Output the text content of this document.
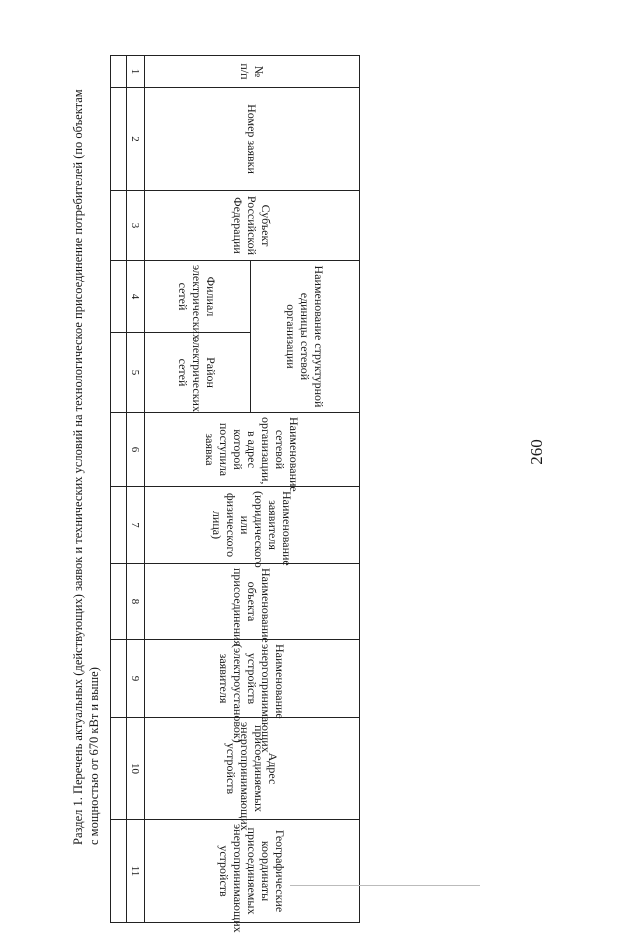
260
Раздел 1. Перечень актуальных (действующих) заявок и технических условий на технологическое присоединение потребителей (по объектам с мощностью от 670 кВт и выше)
№ п/п	Номер заявки	Субъект Российской Федерации	Наименование структурной единицы сетевой организации		Наименование сетевой организации, в адрес которой поступила заявка	Наименование заявителя (юридического или физического лица)	Наименование объекта присоединения	Наименование энергопринимающих устройств (электроустановок) заявителя	Адрес присоединяемых энергопринимающих устройств	Географические координаты присоединяемых энергопринимающих устройств
			Филиал электрических сетей	Район электрических сетей						
1	2	3	4	5	6	7	8	9	10	11
